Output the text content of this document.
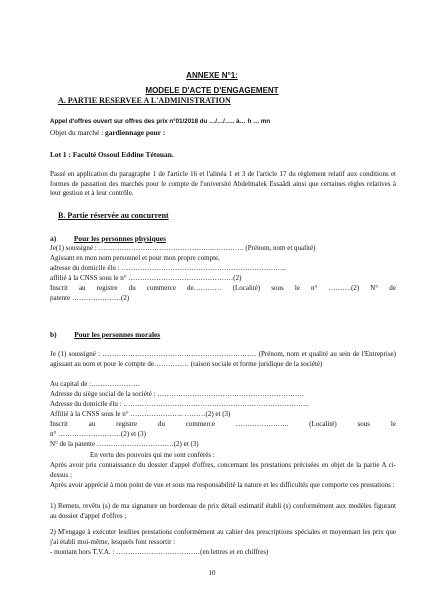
ANNEXE N°1:
MODELE D'ACTE D'ENGAGEMENT
A. PARTIE RESERVEE A L'ADMINISTRATION
Appel d'offres ouvert sur offres des prix n°01/2018 du …/…/….. à… h … mn
Objet du marché : gardiennage pour :
Lot 1 : Faculté Ossoul Eddine Tétouan.
Passé en application du paragraphe 1 de l'article 16 et l'alinéa 1 et 3 de l'article 17 du règlement relatif aux conditions et formes de passation des marchés pour le compte de l'université Abdelmalek Essaâdi ainsi que certaines règles relatives à leur gestion et à leur contrôle.
B. Partie réservée au concurrent
a) Pour les personnes physiques
Je(1) soussigné : …………………………………………..…………. (Prénom, nom et qualité)
Agissant en mon nom personnel et pour mon propre compte,
adresse du domicile élu : ……………………………………………………………..
affilié à la CNSS sous le n° ………………………………………(2)
Inscrit au registre du commerce de………… (Localité) sous le n° ……….(2) N° de
patente …………………(2)
b) Pour les personnes morales
Je (1) soussigné : ………………………………………………………… (Prénom, nom et qualité au sein de l'Entreprise) agissant au nom et pour le compte de…………… (raison sociale et forme juridique de la société)
Au capital de :…………………
Adresse du siège social de la société : ………………………………………………………
Adresse du domicile élu : ……………………………………………………………………..
Affilié à la CNSS sous le n° ………………….. ………(2) et (3)
Inscrit	au	registre	du	commerce	…………………..	(Localité)	sous	le
n° ………………………(2) et (3)
N° de la patente ……………………………(2) et (3)
En vertu des pouvoirs qui me sont conférés :
Après avoir pris connaissance du dossier d'appel d'offres, concernant les prestations précisées en objet de la partie A ci-dessus ;
Après avoir apprécié à mon point de vue et sous ma responsabilité la nature et les difficultés que comporte ces prestations :
1) Remets, revêtu (s) de ma signature un bordereau de prix détail estimatif établi (s) conformément aux modèles figurant au dossier d'appel d'offres ;
2) M'engage à exécuter lesdites prestations conformément au cahier des prescriptions spéciales et moyennant les prix que j'ai établi moi-même, lesquels font ressortir :
- montant hors T.V.A. : ………………………………(en lettres et en chiffres)
10
